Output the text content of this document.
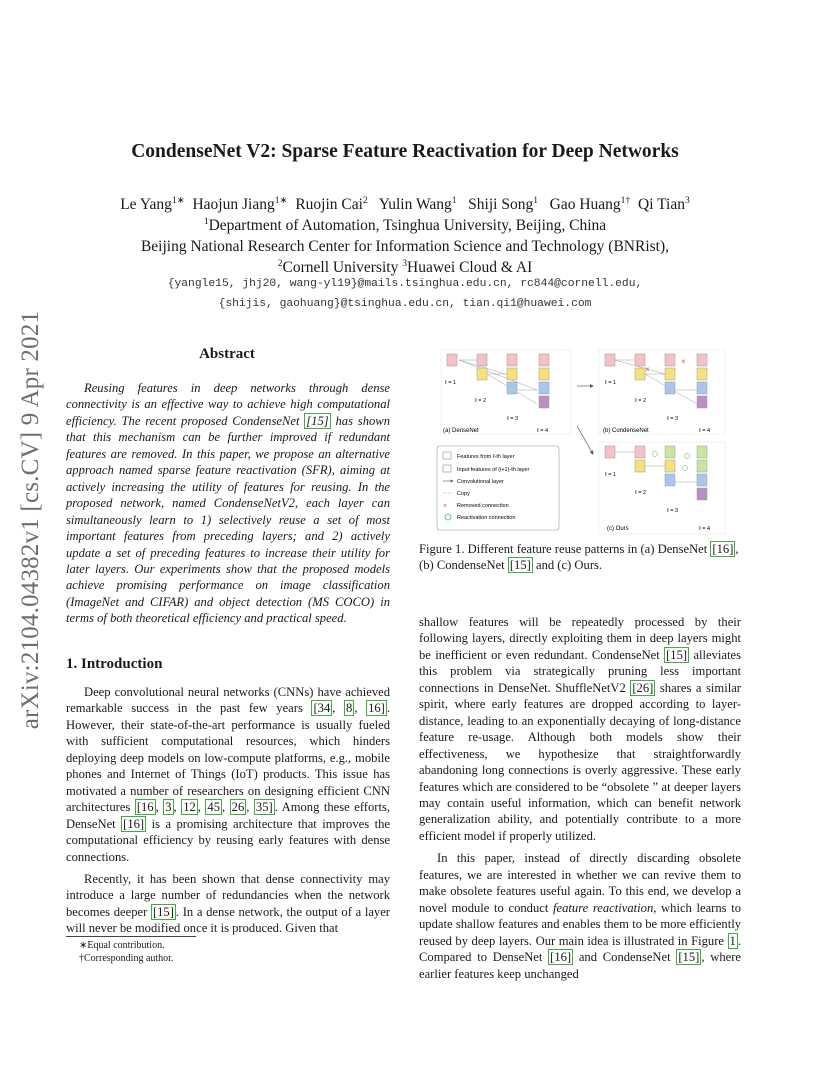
arXiv:2104.04382v1 [cs.CV] 9 Apr 2021
CondenseNet V2: Sparse Feature Reactivation for Deep Networks
Le Yang$^{1∗}$  Haojun Jiang$^{1∗}$  Ruojin Cai$^2$   Yulin Wang$^1$   Shiji Song$^1$   Gao Huang$^{1\dagger}$  Qi Tian$^3$
$^1$Department of Automation, Tsinghua University, Beijing, China
Beijing National Research Center for Information Science and Technology (BNRist),
$^2$Cornell University $^3$Huawei Cloud & AI
{yangle15, jhj20, wang-yl19}@mails.tsinghua.edu.cn, rc844@cornell.edu,
{shijis, gaohuang}@tsinghua.edu.cn, tian.qi1@huawei.com
Abstract

Reusing features in deep networks through dense connectivity is an effective way to achieve high computational efficiency. The recent proposed CondenseNet [15] has shown that this mechanism can be further improved if redundant features are removed. In this paper, we propose an alternative approach named sparse feature reactivation (SFR), aiming at actively increasing the utility of features for reusing. In the proposed network, named CondenseNetV2, each layer can simultaneously learn to 1) selectively reuse a set of most important features from preceding layers; and 2) actively update a set of preceding features to increase their utility for later layers. Our experiments show that the proposed models achieve promising performance on image classification (ImageNet and CIFAR) and object detection (MS COCO) in terms of both theoretical efficiency and practical speed.

1. Introduction

Deep convolutional neural networks (CNNs) have achieved remarkable success in the past few years [34 , 8 , 16] . However, their state-of-the-art performance is usually fueled with sufficient computational resources, which hinders deploying deep models on low-compute platforms, e.g., mobile phones and Internet of Things (IoT) products. This issue has motivated a number of researchers on designing efficient CNN architectures [16 , 3 , 12 , 45 , 26 , 35] . Among these efforts, DenseNet [16] is a promising architecture that improves the computational efficiency by reusing early features with dense connections.

Recently, it has been shown that dense connectivity may introduce a large number of redundancies when the network becomes deeper [15] . In a dense network, the output of a layer will never be modified once it is produced. Given that

∗Equal contribution.
†Corresponding author.
ℓ = 1
ℓ = 2
ℓ = 3
ℓ = 4
(a) DenseNet
×
×
ℓ = 1
ℓ = 2
ℓ = 3
ℓ = 4
(b) CondenseNet
Features from ℓ-th layer
Input features of (i+1)-th layer
Convolutional layer
Copy
× Removed connection
Reactivation connection
ℓ = 1
ℓ = 2
ℓ = 3
ℓ = 4
(c) Ours
Figure 1. Different feature reuse patterns in (a) DenseNet [16] , (b) CondenseNet [15] and (c) Ours.

shallow features will be repeatedly processed by their following layers, directly exploiting them in deep layers might be inefficient or even redundant. CondenseNet [15] alleviates this problem via strategically pruning less important connections in DenseNet. ShuffleNetV2 [26] shares a similar spirit, where early features are dropped according to layer-distance, leading to an exponentially decaying of long-distance feature re-usage. Although both models show their effectiveness, we hypothesize that straightforwardly abandoning long connections is overly aggressive. These early features which are considered to be “obsolete ” at deeper layers may contain useful information, which can benefit network generalization ability, and potentially contribute to a more efficient model if properly utilized.

In this paper, instead of directly discarding obsolete features, we are interested in whether we can revive them to make obsolete features useful again. To this end, we develop a novel module to conduct feature reactivation, which learns to update shallow features and enables them to be more efficiently reused by deep layers. Our main idea is illustrated in Figure 1 . Compared to DenseNet [16] and CondenseNet [15] , where earlier features keep unchanged
